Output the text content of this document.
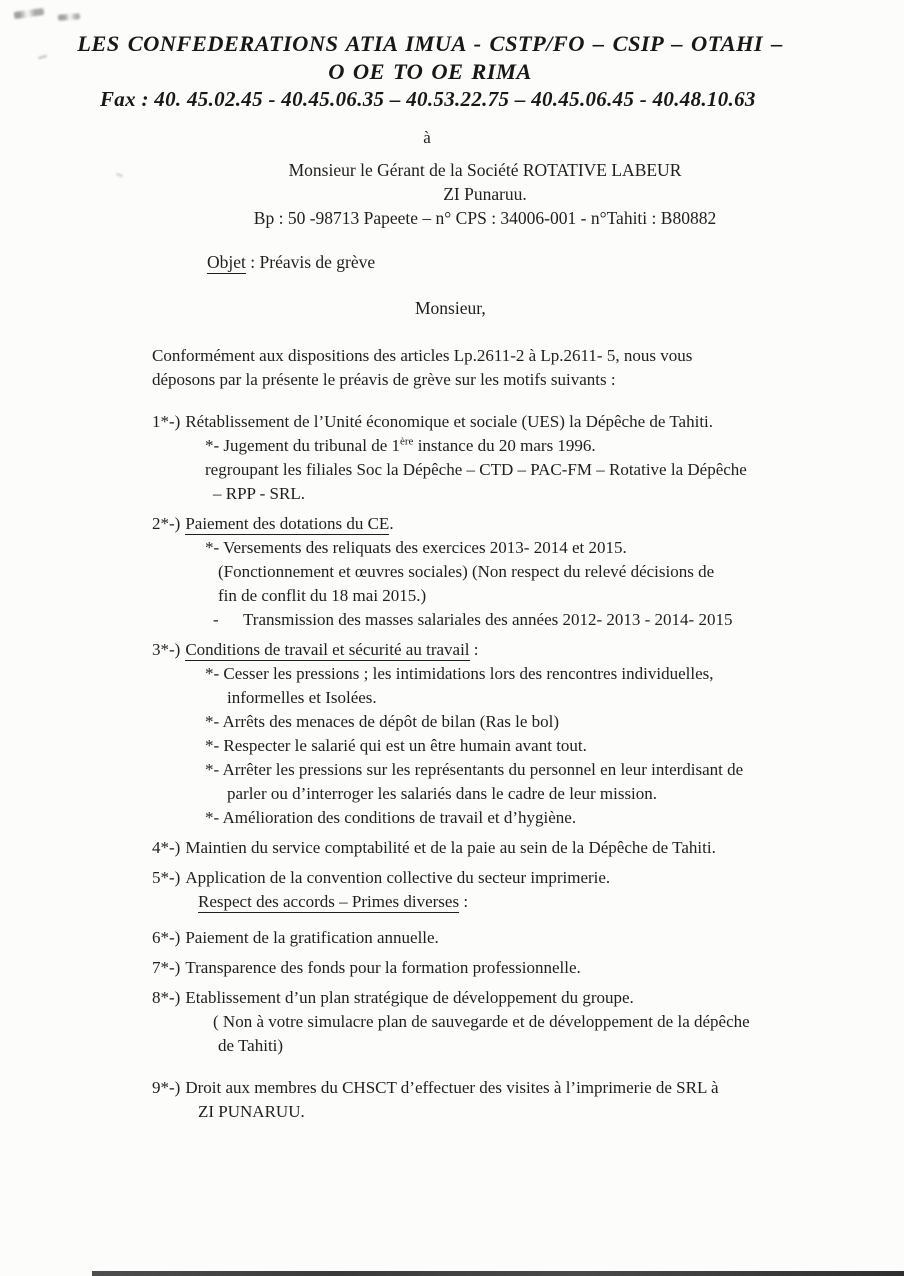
LES CONFEDERATIONS ATIA IMUA - CSTP/FO – CSIP – OTAHI –
O OE TO OE RIMA
Fax : 40. 45.02.45 - 40.45.06.35 – 40.53.22.75 – 40.45.06.45 - 40.48.10.63
à
Monsieur le Gérant de la Société ROTATIVE LABEUR
ZI Punaruu.
Bp : 50 -98713 Papeete – n° CPS : 34006-001 - n°Tahiti : B80882
Objet : Préavis de grève
Monsieur,
Conformément aux dispositions des articles Lp.2611-2 à Lp.2611- 5, nous vous
déposons par la présente le préavis de grève sur les motifs suivants :
1*-) Rétablissement de l’Unité économique et sociale (UES) la Dépêche de Tahiti.
*- Jugement du tribunal de 1ère instance du 20 mars 1996.
regroupant les filiales Soc la Dépêche – CTD – PAC-FM – Rotative la Dépêche
– RPP - SRL.
2*-) Paiement des dotations du CE.
*- Versements des reliquats des exercices 2013- 2014 et 2015.
(Fonctionnement et œuvres sociales) (Non respect du relevé décisions de
fin de conflit du 18 mai 2015.)
- Transmission des masses salariales des années 2012- 2013 - 2014- 2015
3*-) Conditions de travail et sécurité au travail :
*- Cesser les pressions ; les intimidations lors des rencontres individuelles,
informelles et Isolées.
*- Arrêts des menaces de dépôt de bilan (Ras le bol)
*- Respecter le salarié qui est un être humain avant tout.
*- Arrêter les pressions sur les représentants du personnel en leur interdisant de
parler ou d’interroger les salariés dans le cadre de leur mission.
*- Amélioration des conditions de travail et d’hygiène.
4*-) Maintien du service comptabilité et de la paie au sein de la Dépêche de Tahiti.
5*-) Application de la convention collective du secteur imprimerie.
Respect des accords – Primes diverses :
6*-) Paiement de la gratification annuelle.
7*-) Transparence des fonds pour la formation professionnelle.
8*-) Etablissement d’un plan stratégique de développement du groupe.
( Non à votre simulacre plan de sauvegarde et de développement de la dépêche
de Tahiti)
9*-) Droit aux membres du CHSCT d’effectuer des visites à l’imprimerie de SRL à
ZI PUNARUU.
